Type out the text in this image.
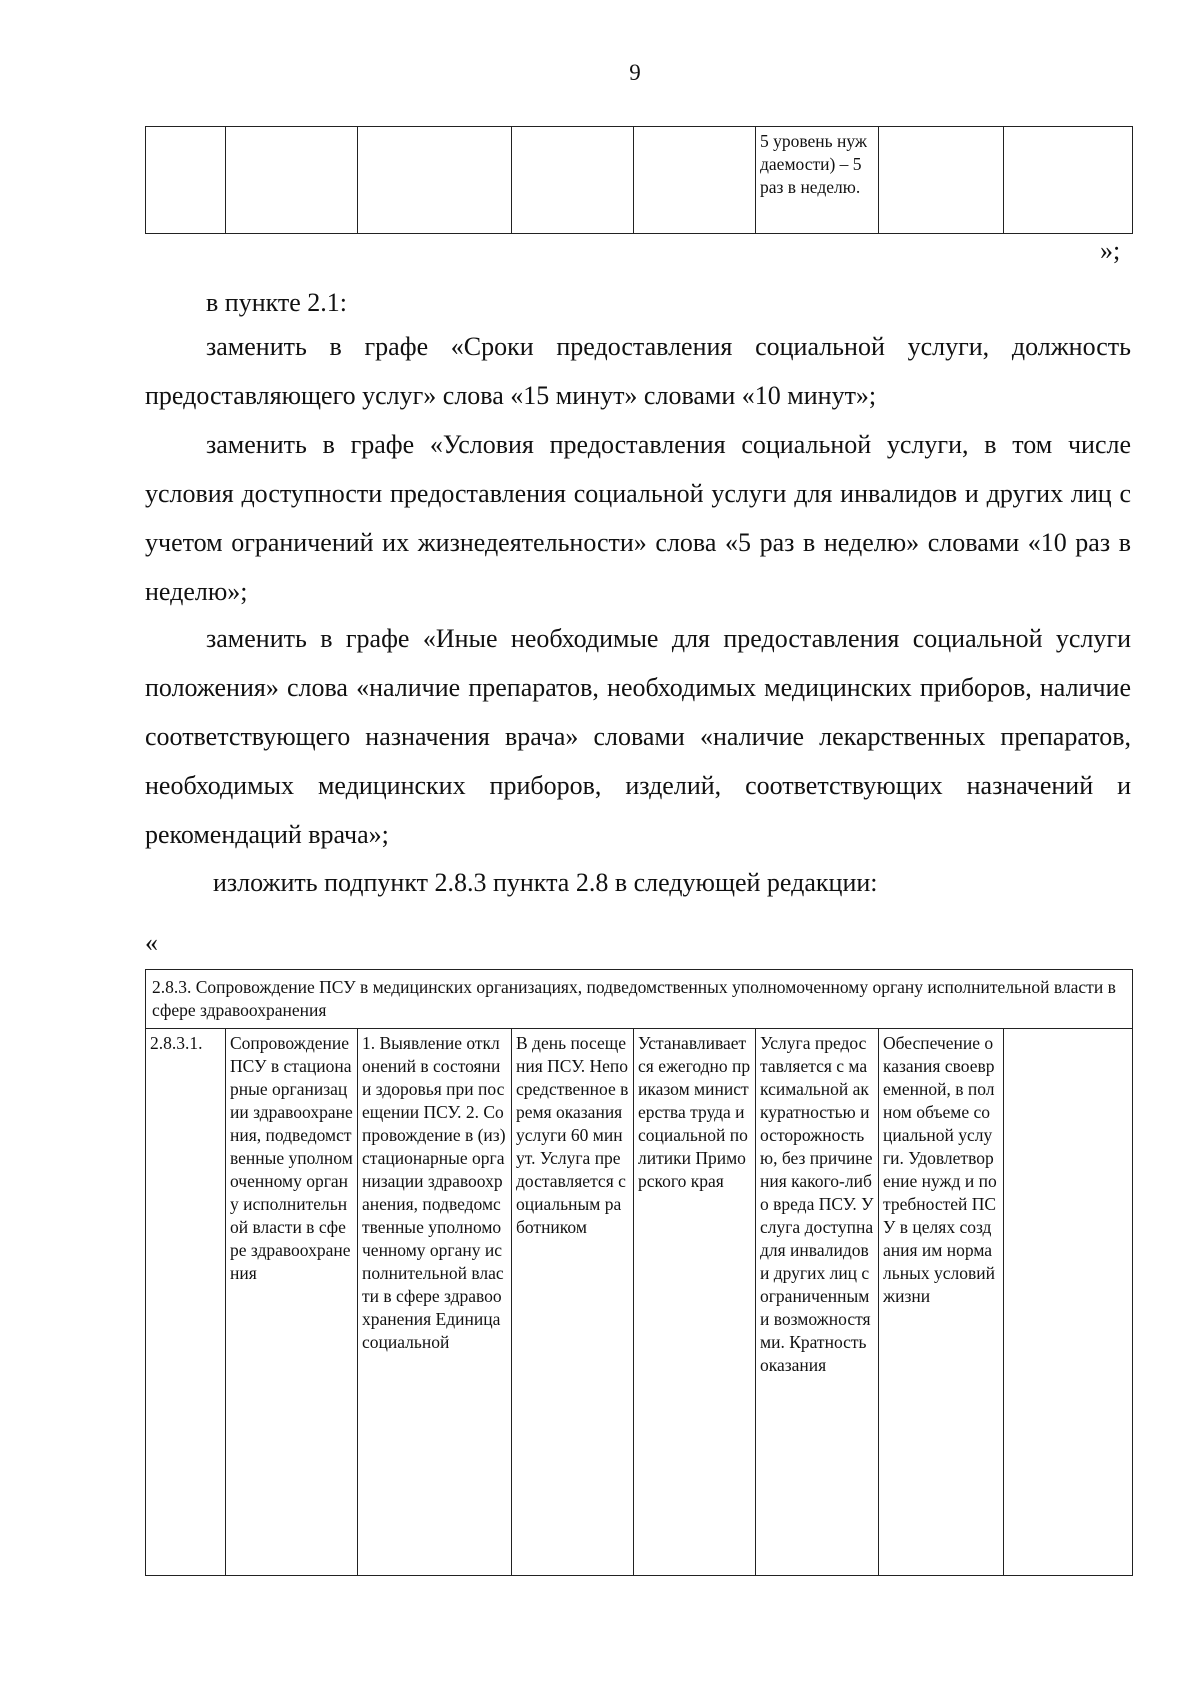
9
					5 уровень нуждаемости) – 5 раз в неделю.		
»;
в пункте 2.1:
заменить в графе «Сроки предоставления социальной услуги, должность предоставляющего услуг» слова «15 минут» словами «10 минут»;
заменить в графе «Условия предоставления социальной услуги, в том числе условия доступности предоставления социальной услуги для инвалидов и других лиц с учетом ограничений их жизнедеятельности» слова «5 раз в неделю» словами «10 раз в неделю»;
заменить в графе «Иные необходимые для предоставления социальной услуги положения» слова «наличие препаратов, необходимых медицинских приборов, наличие соответствующего назначения врача» словами «наличие лекарственных препаратов, необходимых медицинских приборов, изделий, соответствующих назначений и рекомендаций врача»;
изложить подпункт 2.8.3 пункта 2.8 в следующей редакции:
«
2.8.3. Сопровождение ПСУ в медицинских организациях, подведомственных уполномоченному органу исполнительной власти в сфере здравоохранения
2.8.3.1.	Сопровождение ПСУ в стационарные организации здравоохранения, подведомственные уполномоченному органу исполнительной власти в сфере здравоохранения	1. Выявление отклонений в состоянии здоровья при посещении ПСУ. 2. Сопровождение в (из) стационарные организации здравоохранения, подведомственные уполномоченному органу исполнительной власти в сфере здравоохранения Единица социальной	В день посещения ПСУ. Непосредственное время оказания услуги 60 минут. Услуга предоставляется социальным работником	Устанавливается ежегодно приказом министерства труда и социальной политики Приморского края	Услуга предоставляется с максимальной аккуратностью и осторожностью, без причинения какого-либо вреда ПСУ. Услуга доступна для инвалидов и других лиц с ограниченными возможностями. Кратность оказания	Обеспечение оказания своевременной, в полном объеме социальной услуги. Удовлетворение нужд и потребностей ПСУ в целях создания им нормальных условий жизни	
